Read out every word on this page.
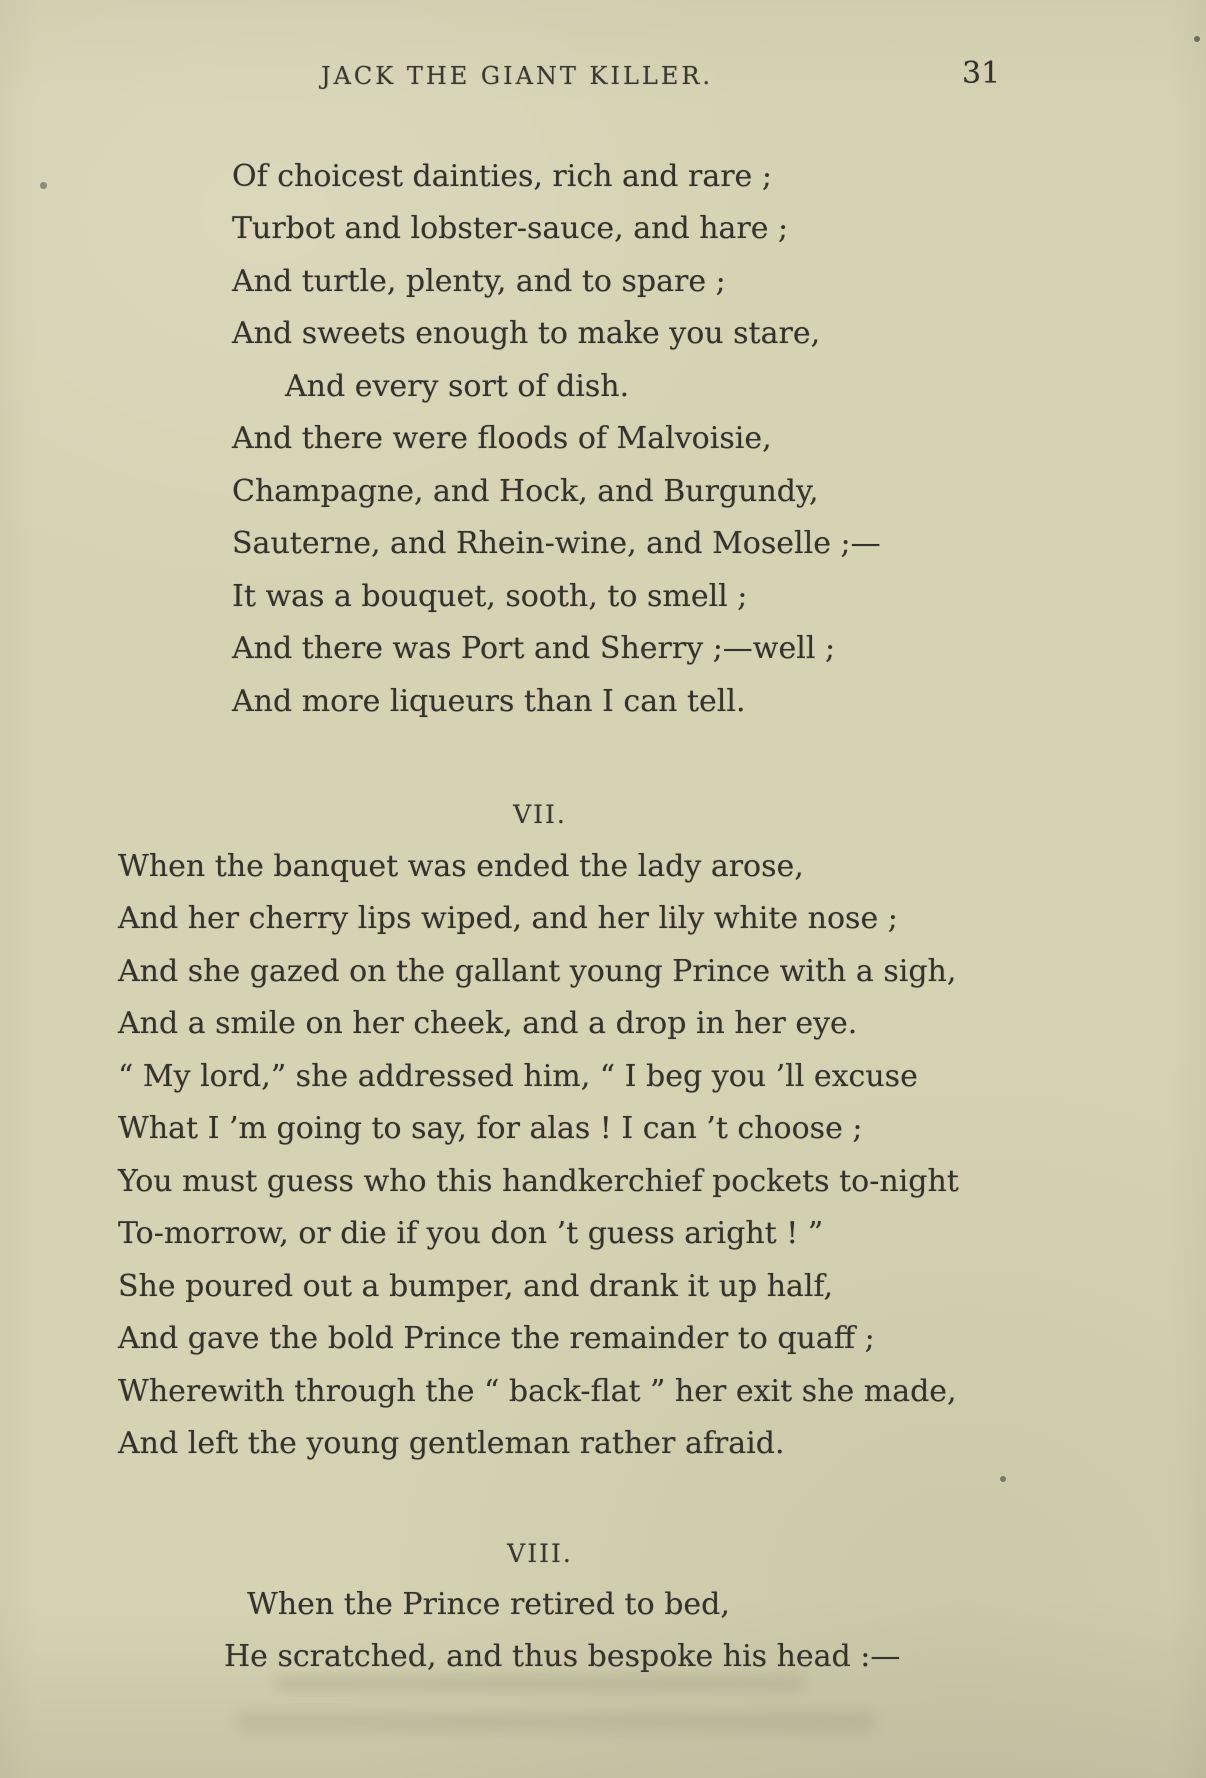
JACK THE GIANT KILLER.	31
Of choicest dainties, rich and rare ;
Turbot and lobster-sauce, and hare ;
And turtle, plenty, and to spare ;
And sweets enough to make you stare,
And every sort of dish.
And there were floods of Malvoisie,
Champagne, and Hock, and Burgundy,
Sauterne, and Rhein-wine, and Moselle ;—
It was a bouquet, sooth, to smell ;
And there was Port and Sherry ;—well ;
And more liqueurs than I can tell.
VII.
When the banquet was ended the lady arose,
And her cherry lips wiped, and her lily white nose ;
And she gazed on the gallant young Prince with a sigh,
And a smile on her cheek, and a drop in her eye.
“ My lord,” she addressed him, “ I beg you ’ll excuse
What I ’m going to say, for alas ! I can ’t choose ;
You must guess who this handkerchief pockets to-night
To-morrow, or die if you don ’t guess aright ! ”
She poured out a bumper, and drank it up half,
And gave the bold Prince the remainder to quaff ;
Wherewith through the “ back-flat ” her exit she made,
And left the young gentleman rather afraid.
VIII.
When the Prince retired to bed,
He scratched, and thus bespoke his head :—
